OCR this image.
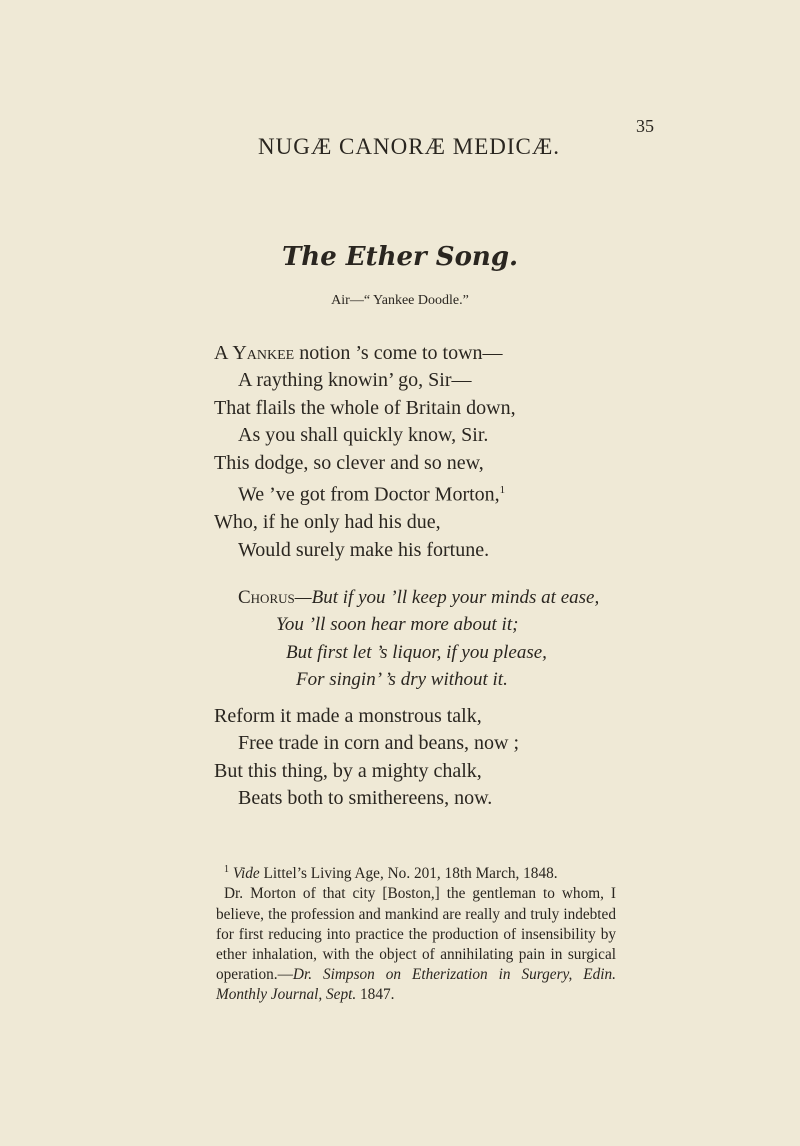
NUGÆ CANORÆ MEDICÆ.
35
The Ether Song.
Air—“ Yankee Doodle.”
A Yankee notion ’s come to town—
A raything knowin’ go, Sir—
That flails the whole of Britain down,
As you shall quickly know, Sir.
This dodge, so clever and so new,
We ’ve got from Doctor Morton,$^1$
Who, if he only had his due,
Would surely make his fortune.
Chorus—But if you ’ll keep your minds at ease,
You ’ll soon hear more about it;
But first let ’s liquor, if you please,
For singin’ ’s dry without it.
Reform it made a monstrous talk,
Free trade in corn and beans, now ;
But this thing, by a mighty chalk,
Beats both to smithereens, now.
$^1$ Vide Littel’s Living Age, No. 201, 18th March, 1848.
Dr. Morton of that city [Boston,] the gentleman to whom, I believe, the profession and mankind are really and truly indebted for first reducing into practice the production of insensibility by ether inhalation, with the object of annihilating pain in surgical operation.—Dr. Simpson on Etherization in Surgery, Edin. Monthly Journal, Sept. 1847.
